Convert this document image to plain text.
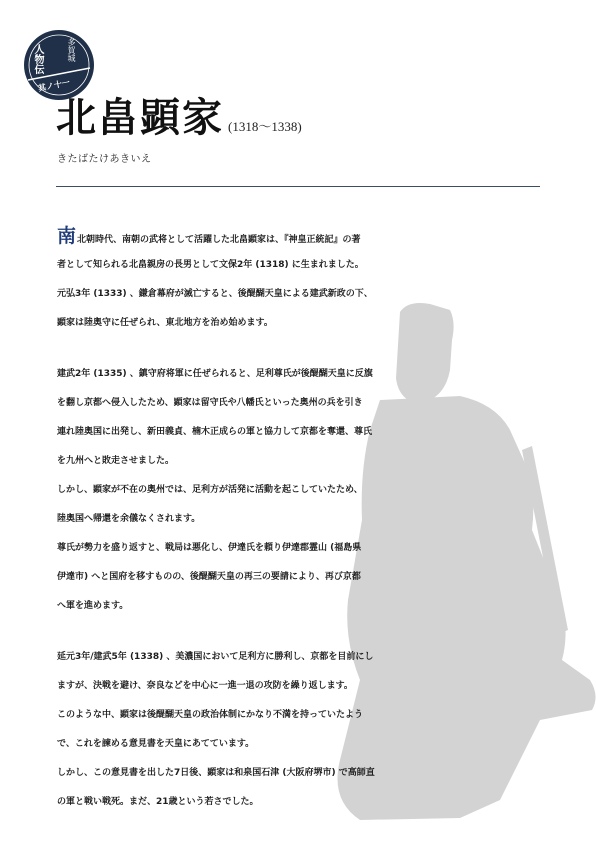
多賀城
人物伝
其ノ十一
北畠顕家 (1318〜1338)
きたばたけあきいえ
南北朝時代、南朝の武将として活躍した北畠顕家は、『神皇正統記』の著
者として知られる北畠親房の長男として文保2年 (1318) に生まれました。
元弘3年 (1333) 、鎌倉幕府が滅亡すると、後醍醐天皇による建武新政の下、
顕家は陸奥守に任ぜられ、東北地方を治め始めます。
建武2年 (1335) 、鎮守府将軍に任ぜられると、足利尊氏が後醍醐天皇に反旗
を翻し京都へ侵入したため、顕家は留守氏や八幡氏といった奥州の兵を引き
連れ陸奥国に出発し、新田義貞、楠木正成らの軍と協力して京都を奪還、尊氏
を九州へと敗走させました。
しかし、顕家が不在の奥州では、足利方が活発に活動を起こしていたため、
陸奥国へ帰還を余儀なくされます。
尊氏が勢力を盛り返すと、戦局は悪化し、伊達氏を頼り伊達郡霊山 (福島県
伊達市) へと国府を移すものの、後醍醐天皇の再三の要請により、再び京都
へ軍を進めます。
延元3年/建武5年 (1338) 、美濃国において足利方に勝利し、京都を目前にし
ますが、決戦を避け、奈良などを中心に一進一退の攻防を繰り返します。
このような中、顕家は後醍醐天皇の政治体制にかなり不満を持っていたよう
で、これを諫める意見書を天皇にあてています。
しかし、この意見書を出した7日後、顕家は和泉国石津 (大阪府堺市) で高師直
の軍と戦い戦死。まだ、21歳という若さでした。
